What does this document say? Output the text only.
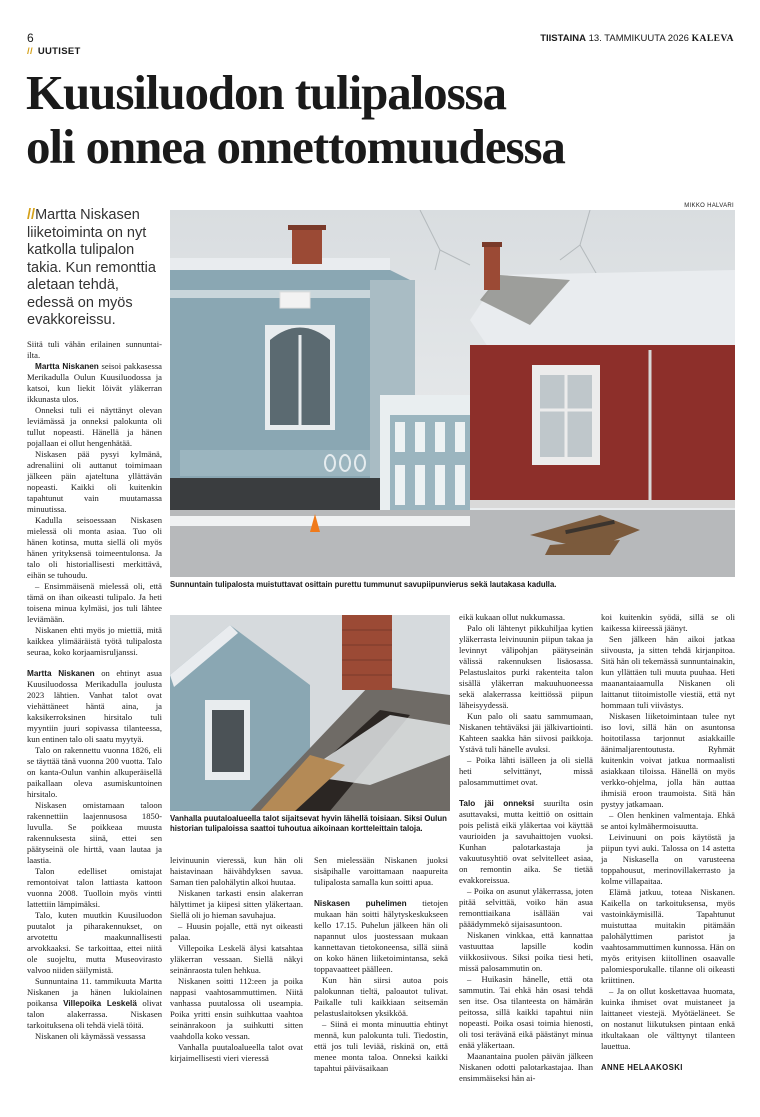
6	TIISTAINA 13. TAMMIKUUTA 2026 KALEVA
// UUTISET
Kuusiluodon tulipalossa
oli onnea onnettomuudessa
MIKKO HALVARI
//Martta Niskasen liiketoiminta on nyt katkolla tulipalon takia. Kun remonttia aletaan tehdä, edessä on myös evakkoreissu.
Sunnuntain tulipalosta muistuttavat osittain purettu tummunut savupiipunvierus sekä lautakasa kadulla.
Vanhalla puutaloalueella talot sijaitsevat hyvin lähellä toisiaan. Siksi Oulun historian tulipaloissa saattoi tuhoutua aikoinaan kortteleittain taloja.

Siitä tuli vähän erilainen sunnuntai-ilta.

Martta Niskanen seisoi pakkasessa Merikadulla Oulun Kuusiluodossa ja katsoi, kun liekit löivät yläkerran ikkunasta ulos.

Onneksi tuli ei näyttänyt olevan leviämässä ja onneksi palokunta oli tullut nopeasti. Hänellä ja hänen pojallaan ei ollut hengenhätää.

Niskasen pää pysyi kylmänä, adrenaliini oli auttanut toimimaan jälkeen päin ajateltuna yllättävän nopeasti. Kaikki oli kuitenkin tapahtunut vain muutamassa minuutissa.

Kadulla seisoessaan Niskasen mielessä oli monta asiaa. Tuo oli hänen kotinsa, mutta siellä oli myös hänen yrityksensä toimeentulonsa. Ja talo oli historiallisesti merkittävä, eihän se tuhoudu.

– Ensimmäisenä mielessä oli, että tämä on ihan oikeasti tulipalo. Ja heti toisena minua kylmäsi, jos tuli lähtee leviämään.

Niskanen ehti myös jo miettiä, mitä kaikkea ylimääräistä työtä tulipalosta seuraa, koko korjaamisruljanssi.

Martta Niskanen on ehtinyt asua Kuusiluodossa Merikadulla joulusta 2023 lähtien. Vanhat talot ovat viehättäneet häntä aina, ja kaksikerroksinen hirsitalo tuli myyntiin juuri sopivassa tilanteessa, kun entinen talo oli saatu myytyä.

Talo on rakennettu vuonna 1826, eli se täyttää tänä vuonna 200 vuotta. Talo on kanta-Oulun vanhin alkuperäisellä paikallaan oleva asumiskuntoinen hirsitalo.

Niskasen omistamaan taloon rakennettiin laajennusosa 1850-luvulla. Se poikkeaa muusta rakennuksesta siinä, ettei sen päätyseinä ole hirttä, vaan lautaa ja laastia.

Talon edelliset omistajat remontoivat talon lattiasta kattoon vuonna 2008. Tuolloin myös vintti lattettiin lämpimäksi.

Talo, kuten muutkin Kuusiluodon puutalot ja piharakennukset, on arvotettu maakunnallisesti arvokkaaksi. Se tarkoittaa, ettei niitä ole suojeltu, mutta Museovirasto valvoo niiden säilymistä.

Sunnuntaina 11. tammikuuta Martta Niskanen ja hänen lukiolainen poikansa Villepoika Leskelä olivat talon alakerrassa. Niskasen tarkoituksena oli tehdä vielä töitä.

Niskanen oli käymässä vessassa

leivinuunin vieressä, kun hän oli haistavinaan häivähdyksen savua. Saman tien palohälytin alkoi huutaa.

Niskanen tarkasti ensin alakerran hälyttimet ja kiipesi sitten yläkertaan. Siellä oli jo hieman savuhajua.

– Huusin pojalle, että nyt oikeasti palaa.

Villepoika Leskelä älysi katsahtaa yläkerran vessaan. Siellä näkyi seinänraosta tulen hehkua.

Niskanen soitti 112:een ja poika nappasi vaahtosammuttimen. Niitä vanhassa puutalossa oli useampia. Poika yritti ensin suihkuttaa vaahtoa seinänrakoon ja suihkutti sitten vaahdolla koko vessan.

Vanhalla puutaloalueella talot ovat kirjaimellisesti vieri vieressä

Sen mielessään Niskanen juoksi sisäpihalle varoittamaan naapureita tulipalosta samalla kun soitti apua.

Niskasen puhelimen tietojen mukaan hän soitti hälytyskeskukseen kello 17.15. Puhelun jälkeen hän oli napannut ulos juostessaan mukaan kannettavan tietokoneensa, sillä siinä on koko hänen liiketoimintansa, sekä toppavaatteet päälleen.

Kun hän siirsi autoa pois palokunnan tieltä, paloautot tulivat. Paikalle tuli kaikkiaan seitsemän pelastuslaitoksen yksikköä.

– Siinä ei monta minuuttia ehtinyt mennä, kun palokunta tuli. Tiedostin, että jos tuli leviää, riskinä on, että menee monta taloa. Onneksi kaikki tapahtui päiväsaikaan

eikä kukaan ollut nukkumassa.

Palo oli lähtenyt pikkuhiljaa kytien yläkerrasta leivinuunin piipun takaa ja levinnyt välipohjan päätyseinän välissä rakennuksen lisäosassa. Pelastuslaitos purki rakenteita talon sisällä yläkerran makuuhuoneessa sekä alakerrassa keittiössä piipun läheisyydessä.

Kun palo oli saatu sammumaan, Niskanen tehtäväksi jäi jälkivartiointi. Kahteen saakka hän siivosi paikkoja. Ystävä tuli hänelle avuksi.

– Poika lähti isälleen ja oli siellä heti selvittänyt, missä palosammuttimet ovat.

Talo jäi onneksi suurilta osin asuttavaksi, mutta keittiö on osittain pois pelistä eikä yläkertaa voi käyttää vaurioiden ja savuhaittojen vuoksi. Kunhan palotarkastaja ja vakuutusyhtiö ovat selvitelleet asiaa, on remontin aika. Se tietää evakkoreissua.

– Poika on asunut yläkerrassa, joten pitää selvittää, voiko hän asua remonttiaikana isällään vai pääädymmekö sijaisasuntoon.

Niskanen vinkkaa, että kannattaa vastuuttaa lapsille kodin viikkosiivous. Siksi poika tiesi heti, missä palosammutin on.

– Huikasin hänelle, että ota sammutin. Tai ehkä hän osasi tehdä sen itse. Osa tilanteesta on hämärän peitossa, sillä kaikki tapahtui niin nopeasti. Poika osasi toimia hienosti, oli tosi terävänä eikä päästänyt minua enää yläkertaan.

Maanantaina puolen päivän jälkeen Niskanen odotti palotarkastajaa. Ihan ensimmäiseksi hän ai-

koi kuitenkin syödä, sillä se oli kaikessa kiireessä jäänyt.

Sen jälkeen hän aikoi jatkaa siivousta, ja sitten tehdä kirjanpitoa. Sitä hän oli tekemässä sunnuntainakin, kun yllättäen tuli muuta puuhaa. Heti maanantaiaamulla Niskanen oli laittanut tiitoimistolle viestiä, että nyt hommaan tuli viivästys.

Niskasen liiketoimintaan tulee nyt iso lovi, sillä hän on asuntonsa hoitotilassa tarjonnut asiakkaille äänimaljarentoutusta. Ryhmät kuitenkin voivat jatkua normaalisti asiakkaan tiloissa. Hänellä on myös verkko-ohjelma, jolla hän auttaa ihmisiä eroon traumoista. Sitä hän pystyy jatkamaan.

– Olen henkinen valmentaja. Ehkä se antoi kylmähermoisuutta.

Leivinuuni on pois käytöstä ja piipun tyvi auki. Talossa on 14 astetta ja Niskasella on varusteena toppahousut, merinovillakerrasto ja kolme villapaitaa.

Elämä jatkuu, toteaa Niskanen. Kaikella on tarkoituksensa, myös vastoinkäymisillä. Tapahtunut muistuttaa muitakin pitämään palohälyttimen paristot ja vaahtosammuttimen kunnossa. Hän on myös erityisen kiitollinen osaavalle palomiesporukalle. tilanne oli oikeasti kriittinen.

– Ja on ollut koskettavaa huomata, kuinka ihmiset ovat muistaneet ja laittaneet viestejä. Myötäeläneet. Se on nostanut liikutuksen pintaan enkä itkultakaan ole välttynyt tilanteen lauettua.

ANNE HELAAKOSKI
